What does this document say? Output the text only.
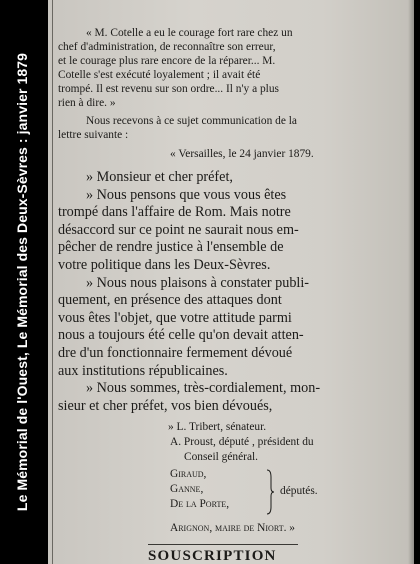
Le Mémorial de l'Ouest, Le Mémorial des Deux-Sèvres : janvier 1879
« M. Cotelle a eu le courage fort rare chez un
chef d'administration, de reconnaître son erreur,
et le courage plus rare encore de la réparer... M.
Cotelle s'est exécuté loyalement ; il avait été
trompé. Il est revenu sur son ordre... Il n'y a plus
rien à dire. »
Nous recevons à ce sujet communication de la
lettre suivante :
« Versailles, le 24 janvier 1879.
» Monsieur et cher préfet,
» Nous pensons que vous vous êtes
trompé dans l'affaire de Rom. Mais notre
désaccord sur ce point ne saurait nous em-
pêcher de rendre justice à l'ensemble de
votre politique dans les Deux-Sèvres.
» Nous nous plaisons à constater publi-
quement, en présence des attaques dont
vous êtes l'objet, que votre attitude parmi
nous a toujours été celle qu'on devait atten-
dre d'un fonctionnaire fermement dévoué
aux institutions républicaines.
» Nous sommes, très-cordialement, mon-
sieur et cher préfet, vos bien dévoués,
» L. Tribert, sénateur.
A. Proust, député , président du
Conseil général.
Giraud,
Ganne,
De la Porte,
députés.
Arignon, maire de Niort. »
SOUSCRIPTION
